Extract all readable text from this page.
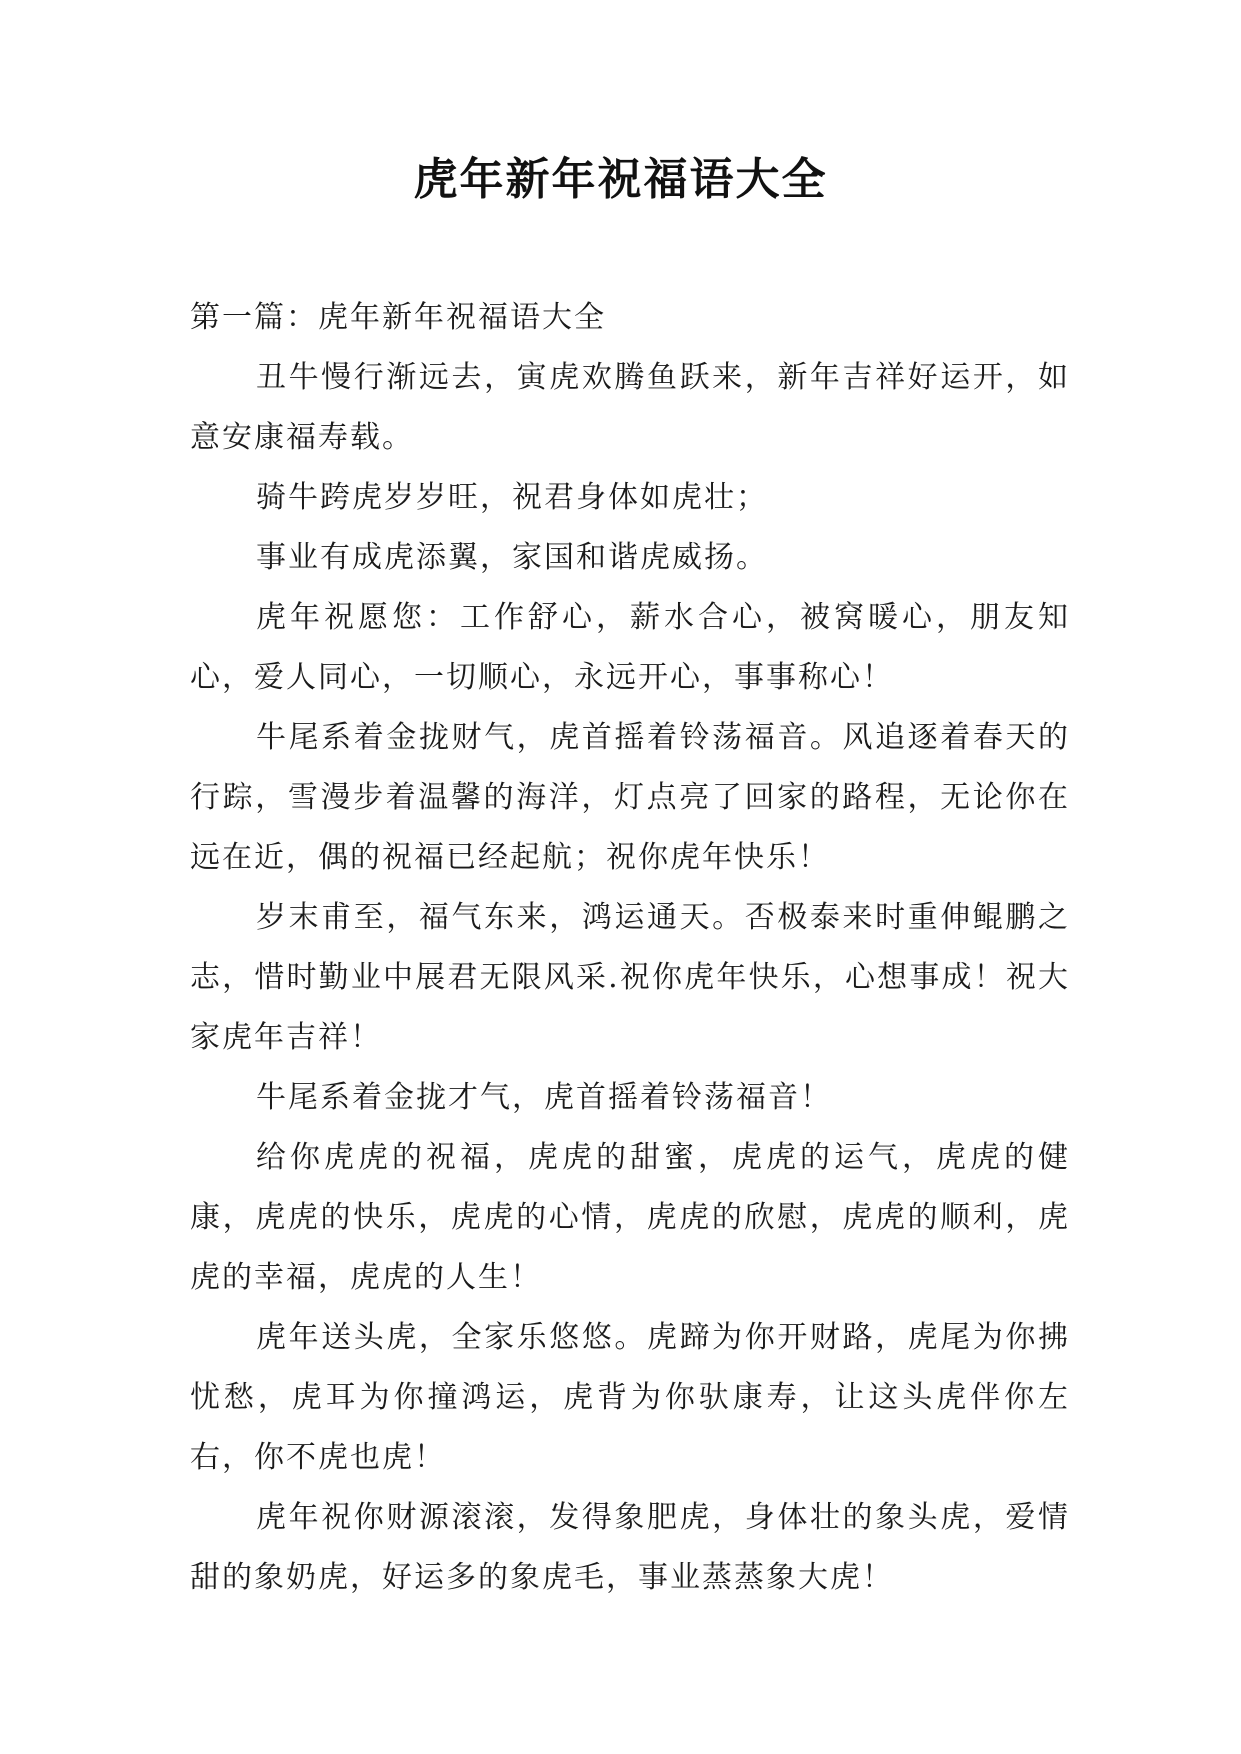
虎年新年祝福语大全

第一篇：虎年新年祝福语大全

丑牛慢行渐远去，寅虎欢腾鱼跃来，新年吉祥好运开，如意安康福寿载。

骑牛跨虎岁岁旺，祝君身体如虎壮；

事业有成虎添翼，家国和谐虎威扬。

虎年祝愿您：工作舒心，薪水合心，被窝暖心，朋友知心，爱人同心，一切顺心，永远开心，事事称心！

牛尾系着金拢财气，虎首摇着铃荡福音。风追逐着春天的行踪，雪漫步着温馨的海洋，灯点亮了回家的路程，无论你在远在近，偶的祝福已经起航；祝你虎年快乐！

岁末甫至，福气东来，鸿运通天。否极泰来时重伸鲲鹏之志，惜时勤业中展君无限风采.祝你虎年快乐，心想事成！祝大家虎年吉祥！

牛尾系着金拢才气，虎首摇着铃荡福音！

给你虎虎的祝福，虎虎的甜蜜，虎虎的运气，虎虎的健康，虎虎的快乐，虎虎的心情，虎虎的欣慰，虎虎的顺利，虎虎的幸福，虎虎的人生！

虎年送头虎，全家乐悠悠。虎蹄为你开财路，虎尾为你拂忧愁，虎耳为你撞鸿运，虎背为你驮康寿，让这头虎伴你左右，你不虎也虎！

虎年祝你财源滚滚，发得象肥虎，身体壮的象头虎，爱情甜的象奶虎，好运多的象虎毛，事业蒸蒸象大虎！
